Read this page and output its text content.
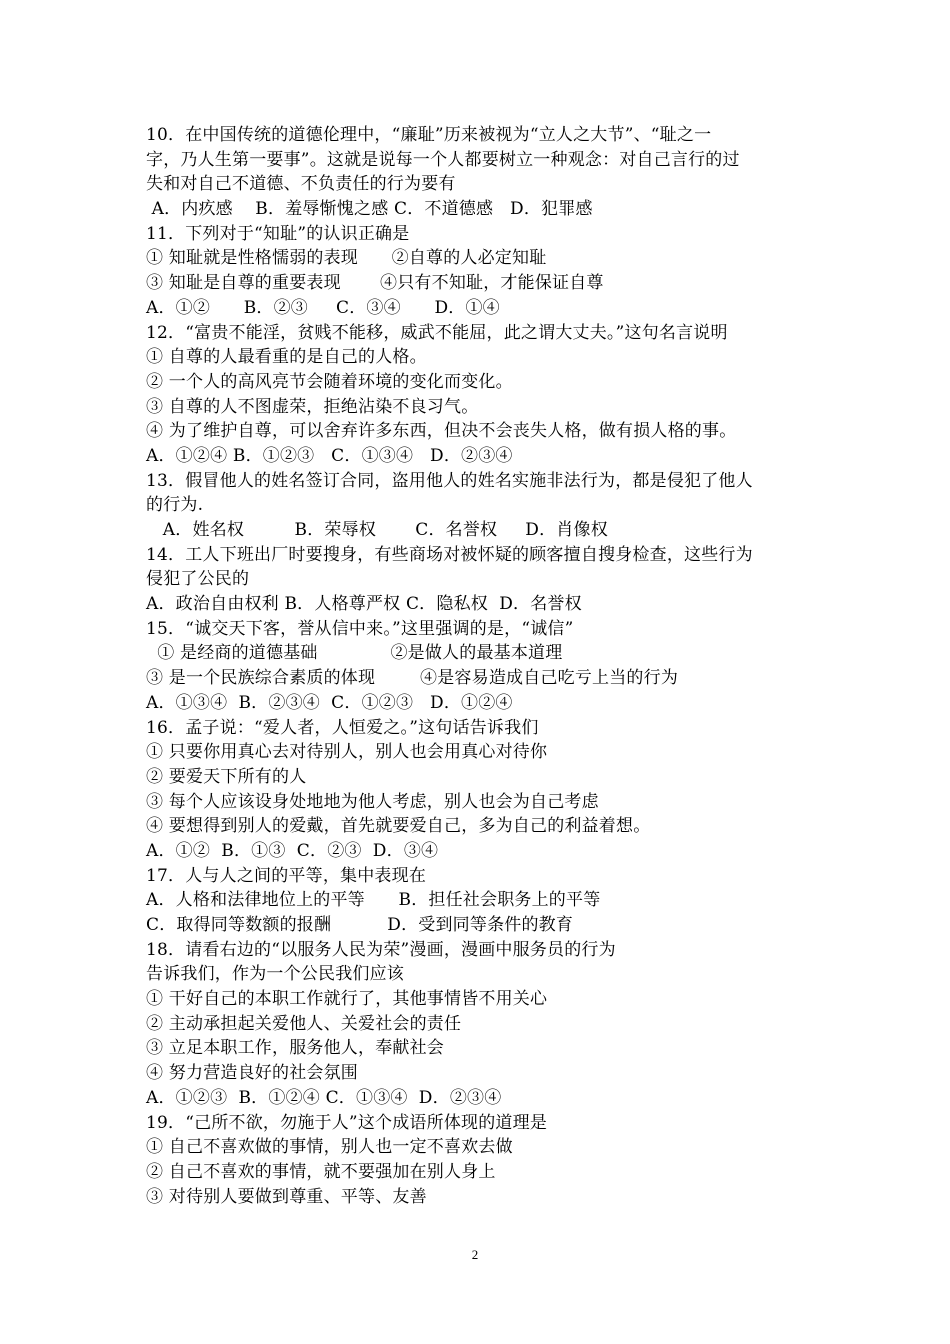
10．在中国传统的道德伦理中，“廉耻”历来被视为“立人之大节”、“耻之一
字，乃人生第一要事”。这就是说每一个人都要树立一种观念：对自己言行的过
失和对自己不道德、不负责任的行为要有
A．内疚感    B．羞辱惭愧之感 C．不道德感   D．犯罪感
11．下列对于“知耻”的认识正确是
① 知耻就是性格懦弱的表现      ②自尊的人必定知耻
③ 知耻是自尊的重要表现       ④只有不知耻，才能保证自尊
A．①②      B．②③     C．③④      D．①④
12．“富贵不能淫，贫贱不能移，威武不能屈，此之谓大丈夫。”这句名言说明
① 自尊的人最看重的是自己的人格。
② 一个人的高风亮节会随着环境的变化而变化。
③ 自尊的人不图虚荣，拒绝沾染不良习气。
④ 为了维护自尊，可以舍弃许多东西，但决不会丧失人格，做有损人格的事。
A．①②④ B．①②③   C．①③④   D．②③④
13．假冒他人的姓名签订合同，盗用他人的姓名实施非法行为，都是侵犯了他人
的行为.
A．姓名权         B．荣辱权       C．名誉权     D．肖像权
14．工人下班出厂时要搜身，有些商场对被怀疑的顾客擅自搜身检查，这些行为
侵犯了公民的
A．政治自由权利 B．人格尊严权 C．隐私权  D．名誉权
15．“诚交天下客，誉从信中来。”这里强调的是，“诚信”
① 是经商的道德基础             ②是做人的最基本道理
③ 是一个民族综合素质的体现        ④是容易造成自己吃亏上当的行为
A．①③④  B．②③④  C．①②③   D．①②④
16．孟子说：“爱人者，人恒爱之。”这句话告诉我们
① 只要你用真心去对待别人，别人也会用真心对待你
② 要爱天下所有的人
③ 每个人应该设身处地地为他人考虑，别人也会为自己考虑
④ 要想得到别人的爱戴，首先就要爱自己，多为自己的利益着想。
A．①②  B．①③  C．②③  D．③④
17．人与人之间的平等，集中表现在
A．人格和法律地位上的平等      B．担任社会职务上的平等
C．取得同等数额的报酬          D．受到同等条件的教育
18．请看右边的“以服务人民为荣”漫画，漫画中服务员的行为
告诉我们，作为一个公民我们应该
① 干好自己的本职工作就行了，其他事情皆不用关心
② 主动承担起关爱他人、关爱社会的责任
③ 立足本职工作，服务他人，奉献社会
④ 努力营造良好的社会氛围
A．①②③  B．①②④ C．①③④  D．②③④
19．“己所不欲，勿施于人”这个成语所体现的道理是
① 自己不喜欢做的事情，别人也一定不喜欢去做
② 自己不喜欢的事情，就不要强加在别人身上
③ 对待别人要做到尊重、平等、友善
2
